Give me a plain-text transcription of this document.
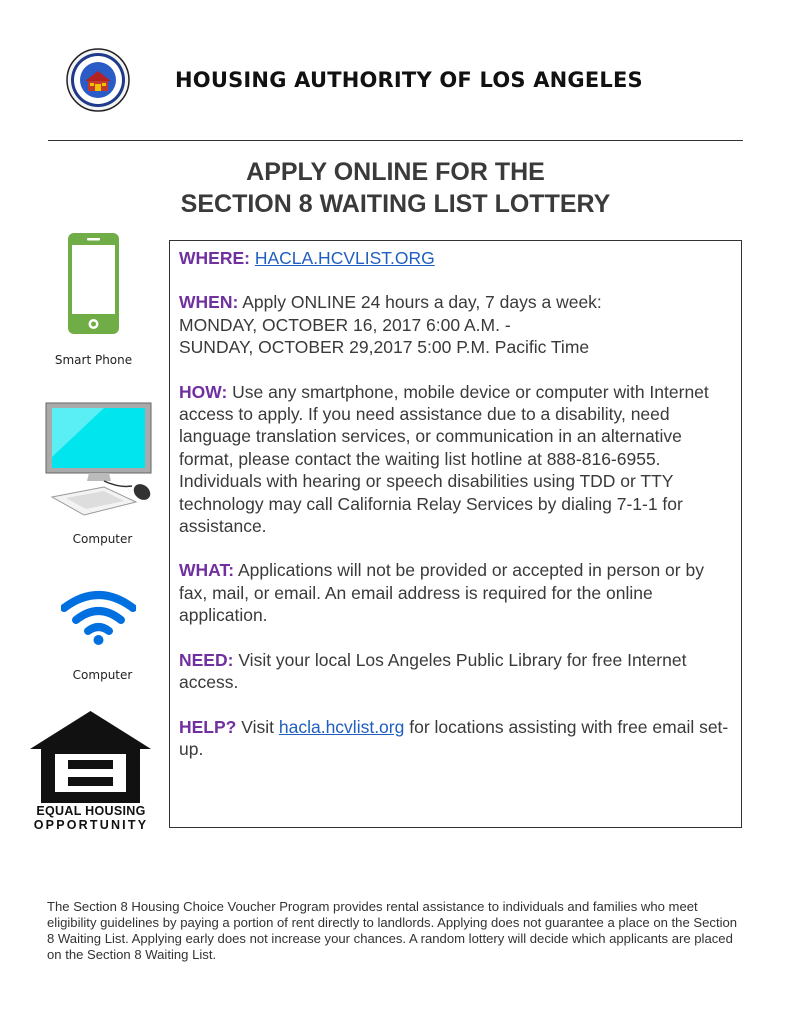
HOUSING AUTHORITY OF LOS ANGELES
APPLY ONLINE FOR THE
SECTION 8 WAITING LIST LOTTERY
Smart Phone
Computer
Computer
EQUAL HOUSING
OPPORTUNITY

WHERE: HACLA.HCVLIST.ORG

WHEN: Apply ONLINE 24 hours a day, 7 days a week:
MONDAY, OCTOBER 16, 2017 6:00 A.M. -
SUNDAY, OCTOBER 29,2017 5:00 P.M. Pacific Time

HOW: Use any smartphone, mobile device or computer with Internet access to apply. If you need assistance due to a disability, need language translation services, or communication in an alternative format, please contact the waiting list hotline at 888-816-6955. Individuals with hearing or speech disabilities using TDD or TTY technology may call California Relay Services by dialing 7-1-1 for assistance.

WHAT: Applications will not be provided or accepted in person or by fax, mail, or email. An email address is required for the online application.

NEED: Visit your local Los Angeles Public Library for free Internet access.

HELP? Visit hacla.hcvlist.org for locations assisting with free email set-up.

The Section 8 Housing Choice Voucher Program provides rental assistance to individuals and families who meet eligibility guidelines by paying a portion of rent directly to landlords. Applying does not guarantee a place on the Section 8 Waiting List. Applying early does not increase your chances. A random lottery will decide which applicants are placed on the Section 8 Waiting List.
